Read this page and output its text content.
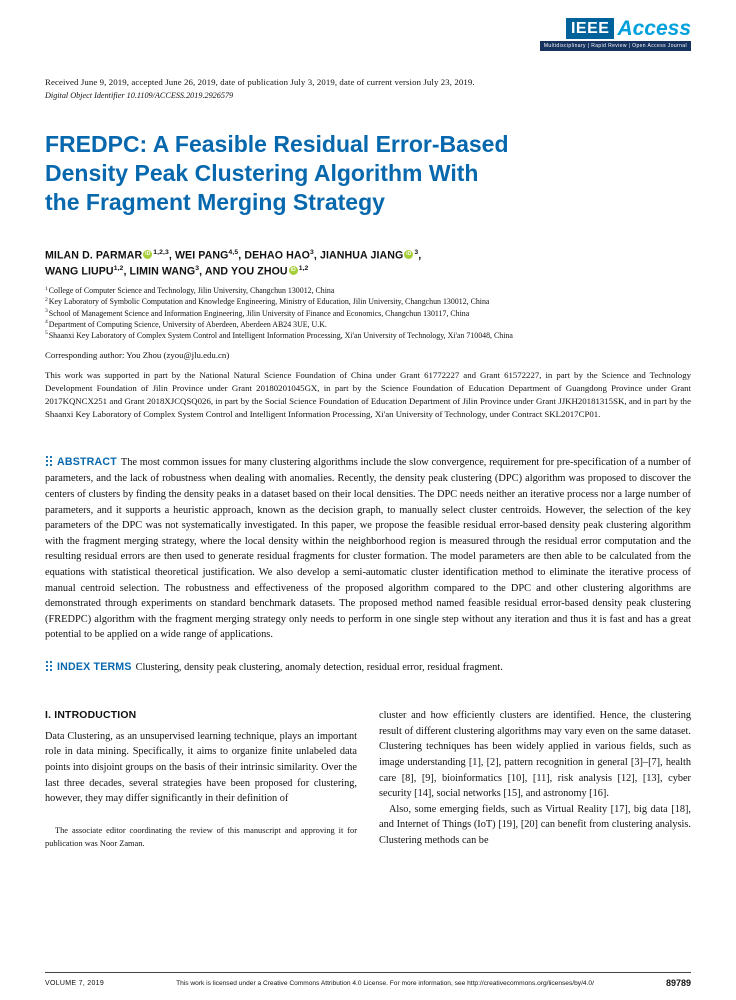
IEEE Access
Multidisciplinary | Rapid Review | Open Access Journal

Received June 9, 2019, accepted June 26, 2019, date of publication July 3, 2019, date of current version July 23, 2019.

Digital Object Identifier 10.1109/ACCESS.2019.2926579

FREDPC: A Feasible Residual Error-Based
Density Peak Clustering Algorithm With
the Fragment Merging Strategy
MILAN D. PARMAR iD $^{1,2,3}$, WEI PANG$^{4,5}$, DEHAO HAO$^3$, JIANHUA JIANG iD $^3$,
WANG LIUPU$^{1,2}$, LIMIN WANG$^3$, AND YOU ZHOU iD $^{1,2}$
$^1$College of Computer Science and Technology, Jilin University, Changchun 130012, China
$^2$Key Laboratory of Symbolic Computation and Knowledge Engineering, Ministry of Education, Jilin University, Changchun 130012, China
$^3$School of Management Science and Information Engineering, Jilin University of Finance and Economics, Changchun 130117, China
$^4$Department of Computing Science, University of Aberdeen, Aberdeen AB24 3UE, U.K.
$^5$Shaanxi Key Laboratory of Complex System Control and Intelligent Information Processing, Xi'an University of Technology, Xi'an 710048, China

Corresponding author: You Zhou (zyou@jlu.edu.cn)

This work was supported in part by the National Natural Science Foundation of China under Grant 61772227 and Grant 61572227, in part by the Science and Technology Development Foundation of Jilin Province under Grant 20180201045GX, in part by the Science Foundation of Education Department of Guangdong Province under Grant 2017KQNCX251 and Grant 2018XJCQSQ026, in part by the Social Science Foundation of Education Department of Jilin Province under Grant JJKH20181315SK, and in part by the Shaanxi Key Laboratory of Complex System Control and Intelligent Information Processing, Xi'an University of Technology, under Contract SKL2017CP01.

ABSTRACT The most common issues for many clustering algorithms include the slow convergence, requirement for pre-specification of a number of parameters, and the lack of robustness when dealing with anomalies. Recently, the density peak clustering (DPC) algorithm was proposed to discover the centers of clusters by finding the density peaks in a dataset based on their local densities. The DPC needs neither an iterative process nor a large number of parameters, and it supports a heuristic approach, known as the decision graph, to manually select cluster centroids. However, the selection of the key parameters of the DPC was not systematically investigated. In this paper, we propose the feasible residual error-based density peak clustering algorithm with the fragment merging strategy, where the local density within the neighborhood region is measured through the residual error computation and the resulting residual errors are then used to generate residual fragments for cluster formation. The model parameters are then able to be calculated from the equations with statistical theoretical justification. We also develop a semi-automatic cluster identification method to eliminate the iterative process of manual centroid selection. The robustness and effectiveness of the proposed algorithm compared to the DPC and other clustering algorithms are demonstrated through experiments on standard benchmark datasets. The proposed method named feasible residual error-based density peak clustering (FREDPC) algorithm with the fragment merging strategy only needs to perform in one single step without any iteration and thus it is fast and has a great potential to be applied on a wide range of applications.

INDEX TERMS Clustering, density peak clustering, anomaly detection, residual error, residual fragment.

I. INTRODUCTION

Data Clustering, as an unsupervised learning technique, plays an important role in data mining. Specifically, it aims to organize finite unlabeled data points into disjoint groups on the basis of their intrinsic similarity. Over the last three decades, several strategies have been proposed for clustering, however, they may differ significantly in their definition of

The associate editor coordinating the review of this manuscript and approving it for publication was Noor Zaman.

cluster and how efficiently clusters are identified. Hence, the clustering result of different clustering algorithms may vary even on the same dataset. Clustering techniques has been widely applied in various fields, such as image understanding [1], [2], pattern recognition in general [3]–[7], health care [8], [9], bioinformatics [10], [11], risk analysis [12], [13], cyber security [14], social networks [15], and astronomy [16].

Also, some emerging fields, such as Virtual Reality [17], big data [18], and Internet of Things (IoT) [19], [20] can benefit from clustering analysis. Clustering methods can be

VOLUME 7, 2019	This work is licensed under a Creative Commons Attribution 4.0 License. For more information, see http://creativecommons.org/licenses/by/4.0/	89789
